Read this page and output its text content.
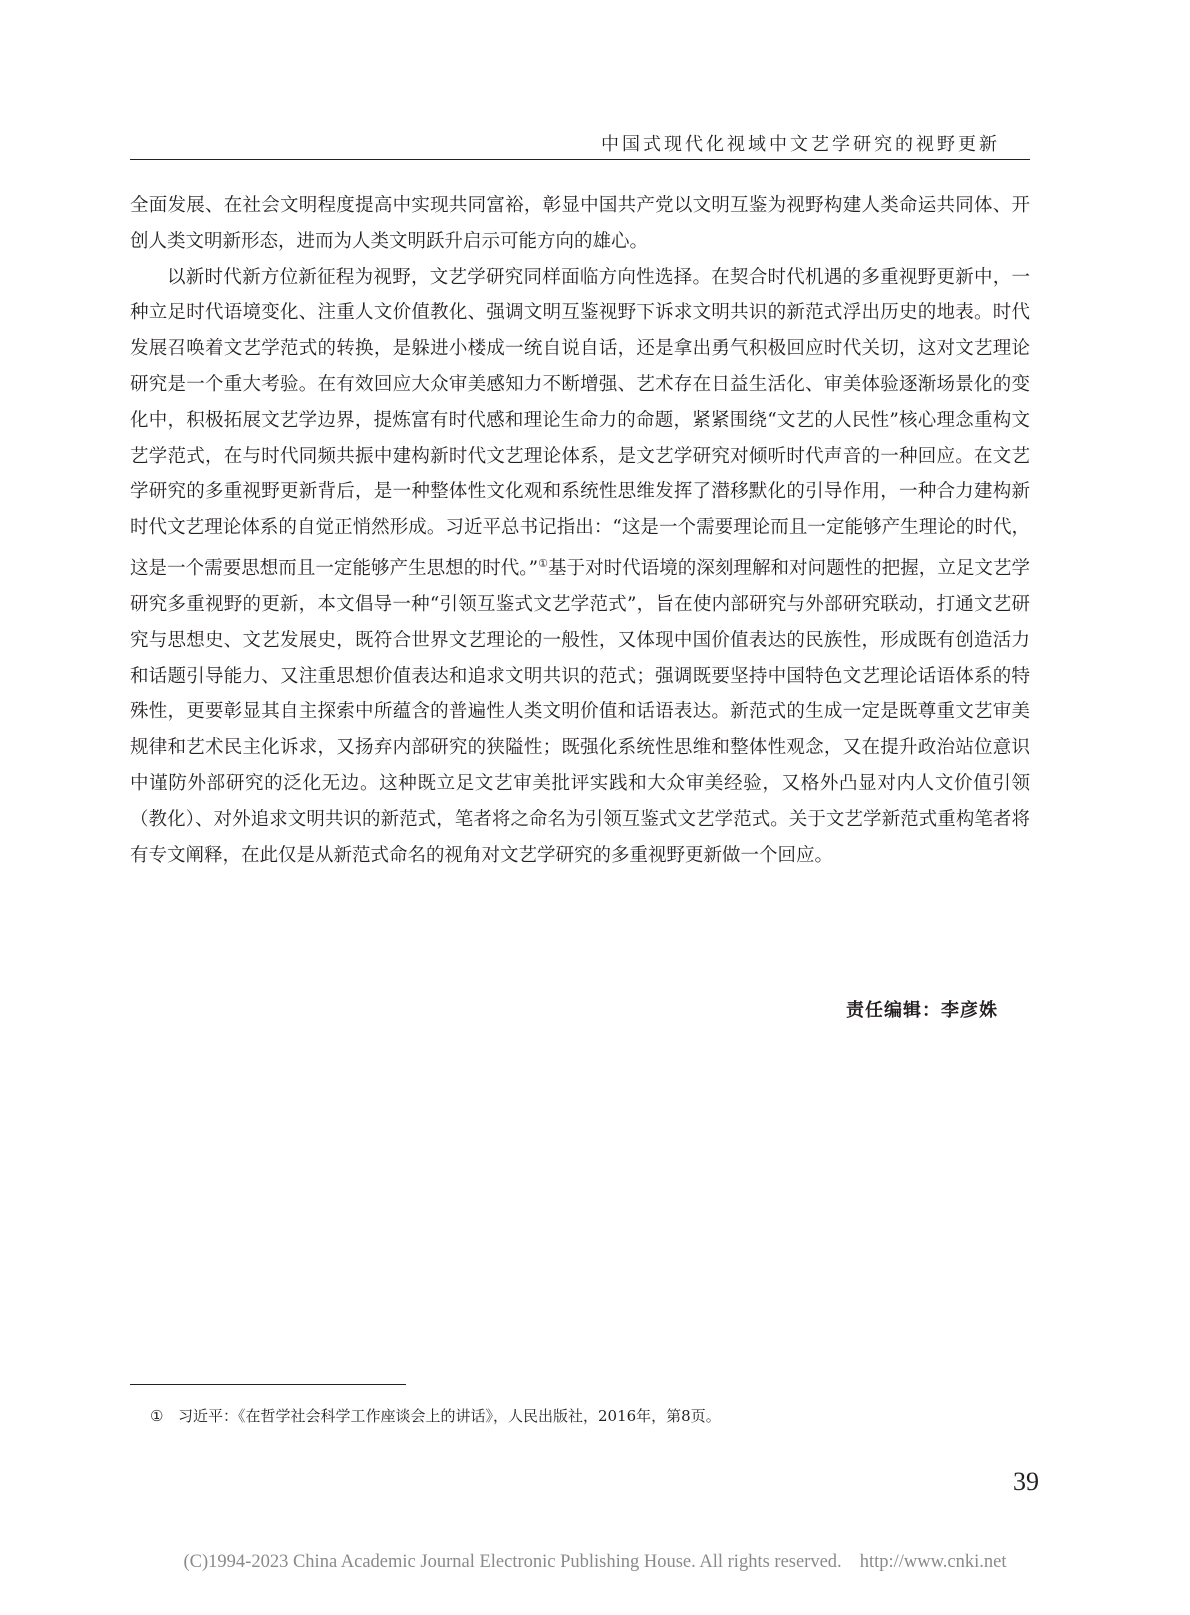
中国式现代化视域中文艺学研究的视野更新

全面发展、在社会文明程度提高中实现共同富裕，彰显中国共产党以文明互鉴为视野构建人类命运共同体、开创人类文明新形态，进而为人类文明跃升启示可能方向的雄心。

以新时代新方位新征程为视野，文艺学研究同样面临方向性选择。在契合时代机遇的多重视野更新中，一种立足时代语境变化、注重人文价值教化、强调文明互鉴视野下诉求文明共识的新范式浮出历史的地表。时代发展召唤着文艺学范式的转换，是躲进小楼成一统自说自话，还是拿出勇气积极回应时代关切，这对文艺理论研究是一个重大考验。在有效回应大众审美感知力不断增强、艺术存在日益生活化、审美体验逐渐场景化的变化中，积极拓展文艺学边界，提炼富有时代感和理论生命力的命题，紧紧围绕“文艺的人民性”核心理念重构文艺学范式，在与时代同频共振中建构新时代文艺理论体系，是文艺学研究对倾听时代声音的一种回应。在文艺学研究的多重视野更新背后，是一种整体性文化观和系统性思维发挥了潜移默化的引导作用，一种合力建构新时代文艺理论体系的自觉正悄然形成。习近平总书记指出：“这是一个需要理论而且一定能够产生理论的时代，这是一个需要思想而且一定能够产生思想的时代。”①基于对时代语境的深刻理解和对问题性的把握，立足文艺学研究多重视野的更新，本文倡导一种“引领互鉴式文艺学范式”，旨在使内部研究与外部研究联动，打通文艺研究与思想史、文艺发展史，既符合世界文艺理论的一般性，又体现中国价值表达的民族性，形成既有创造活力和话题引导能力、又注重思想价值表达和追求文明共识的范式；强调既要坚持中国特色文艺理论话语体系的特殊性，更要彰显其自主探索中所蕴含的普遍性人类文明价值和话语表达。新范式的生成一定是既尊重文艺审美规律和艺术民主化诉求，又扬弃内部研究的狭隘性；既强化系统性思维和整体性观念，又在提升政治站位意识中谨防外部研究的泛化无边。这种既立足文艺审美批评实践和大众审美经验，又格外凸显对内人文价值引领（教化）、对外追求文明共识的新范式，笔者将之命名为引领互鉴式文艺学范式。关于文艺学新范式重构笔者将有专文阐释，在此仅是从新范式命名的视角对文艺学研究的多重视野更新做一个回应。

责任编辑：李彦姝
① 习近平：《在哲学社会科学工作座谈会上的讲话》，人民出版社，2016年，第8页。
39
(C)1994-2023 China Academic Journal Electronic Publishing House. All rights reserved. http://www.cnki.net
